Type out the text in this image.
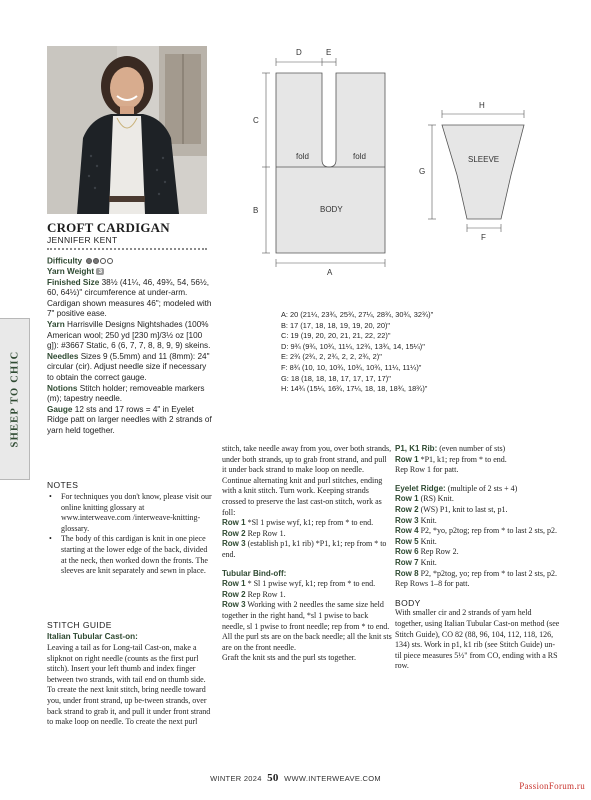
CROFT CARDIGAN
JENNIFER KENT
Difficulty
Yarn Weight 3
Finished Size 38½ (41¼, 46, 49¾, 54, 56½, 60, 64½)" circumference at under-arm. Cardigan shown measures 46"; modeled with 7" positive ease.
Yarn Harrisville Designs Nightshades (100% American wool; 250 yd [230 m]/3½ oz [100 g]): #3667 Static, 6 (6, 7, 7, 8, 8, 9, 9) skeins.
Needles Sizes 9 (5.5mm) and 11 (8mm): 24" circular (cir). Adjust needle size if necessary to obtain the correct gauge.
Notions Stitch holder; removeable markers (m); tapestry needle.
Gauge 12 sts and 17 rows = 4" in Eyelet Ridge patt on larger needles with 2 strands of yarn held together.
SHEEP TO CHIC
NOTES
• For techniques you don't know, please visit our online knitting glossary at www.interweave.com /interweave-knitting-glossary.
• The body of this cardigan is knit in one piece starting at the lower edge of the back, divided at the neck, then worked down the fronts. The sleeves are knit separately and sewn in place.
STITCH GUIDE
Italian Tubular Cast-on:
Leaving a tail as for Long-tail Cast-on, make a slipknot on right needle (counts as the first purl stitch). Insert your left thumb and index finger between two strands, with tail end on thumb side. To create the next knit stitch, bring needle toward you, under front strand, up be-tween strands, over back strand to grab it, and pull it under front strand to make loop on needle. To create the next purl
stitch, take needle away from you, over both strands, under both strands, up to grab front strand, and pull it under back strand to make loop on needle. Continue alternating knit and purl stitches, ending with a knit stitch. Turn work. Keeping strands crossed to preserve the last cast-on stitch, work as foll:
Row 1 *Sl 1 pwise wyf, k1; rep from * to end.
Row 2 Rep Row 1.
Row 3 (establish p1, k1 rib) *P1, k1; rep from * to end.
Tubular Bind-off:
Row 1 * Sl 1 pwise wyf, k1; rep from * to end.
Row 2 Rep Row 1.
Row 3 Working with 2 needles the same size held together in the right hand, *sl 1 pwise to back needle, sl 1 pwise to front needle; rep from * to end. All the purl sts are on the back needle; all the knit sts are on the front needle.
Graft the knit sts and the purl sts together.
P1, K1 Rib: (even number of sts)
Row 1 *P1, k1; rep from * to end.
Rep Row 1 for patt.
Eyelet Ridge: (multiple of 2 sts + 4)
Row 1 (RS) Knit.
Row 2 (WS) P1, knit to last st, p1.
Row 3 Knit.
Row 4 P2, *yo, p2tog; rep from * to last 2 sts, p2.
Row 5 Knit.
Row 6 Rep Row 2.
Row 7 Knit.
Row 8 P2, *p2tog, yo; rep from * to last 2 sts, p2.
Rep Rows 1–8 for patt.
BODY
With smaller cir and 2 strands of yarn held together, using Italian Tubular Cast-on method (see Stitch Guide), CO 82 (88, 96, 104, 112, 118, 126, 134) sts. Work in p1, k1 rib (see Stitch Guide) un-til piece measures 5½" from CO, ending with a RS row.
fold	fold
BODY
D	E
C
B
A
SLEEVE
H
G
F
A: 20 (21¼, 23¾, 25¾, 27¼, 28¾, 30¾, 32¾)"
B: 17 (17, 18, 18, 19, 19, 20, 20)"
C: 19 (19, 20, 20, 21, 21, 22, 22)"
D: 9¾ (9¾, 10¾, 11¼, 12¾, 13¾, 14, 15¼)"
E: 2¾ (2¾, 2, 2¾, 2, 2, 2¾, 2)"
F: 8¾ (10, 10, 10¾, 10¾, 10¾, 11¼, 11¼)"
G: 18 (18, 18, 18, 17, 17, 17, 17)"
H: 14¾ (15¼, 16¾, 17¼, 18, 18, 18¾, 18¾)"
WINTER 2024 50 WWW.INTERWEAVE.COM
PassionForum.ru
